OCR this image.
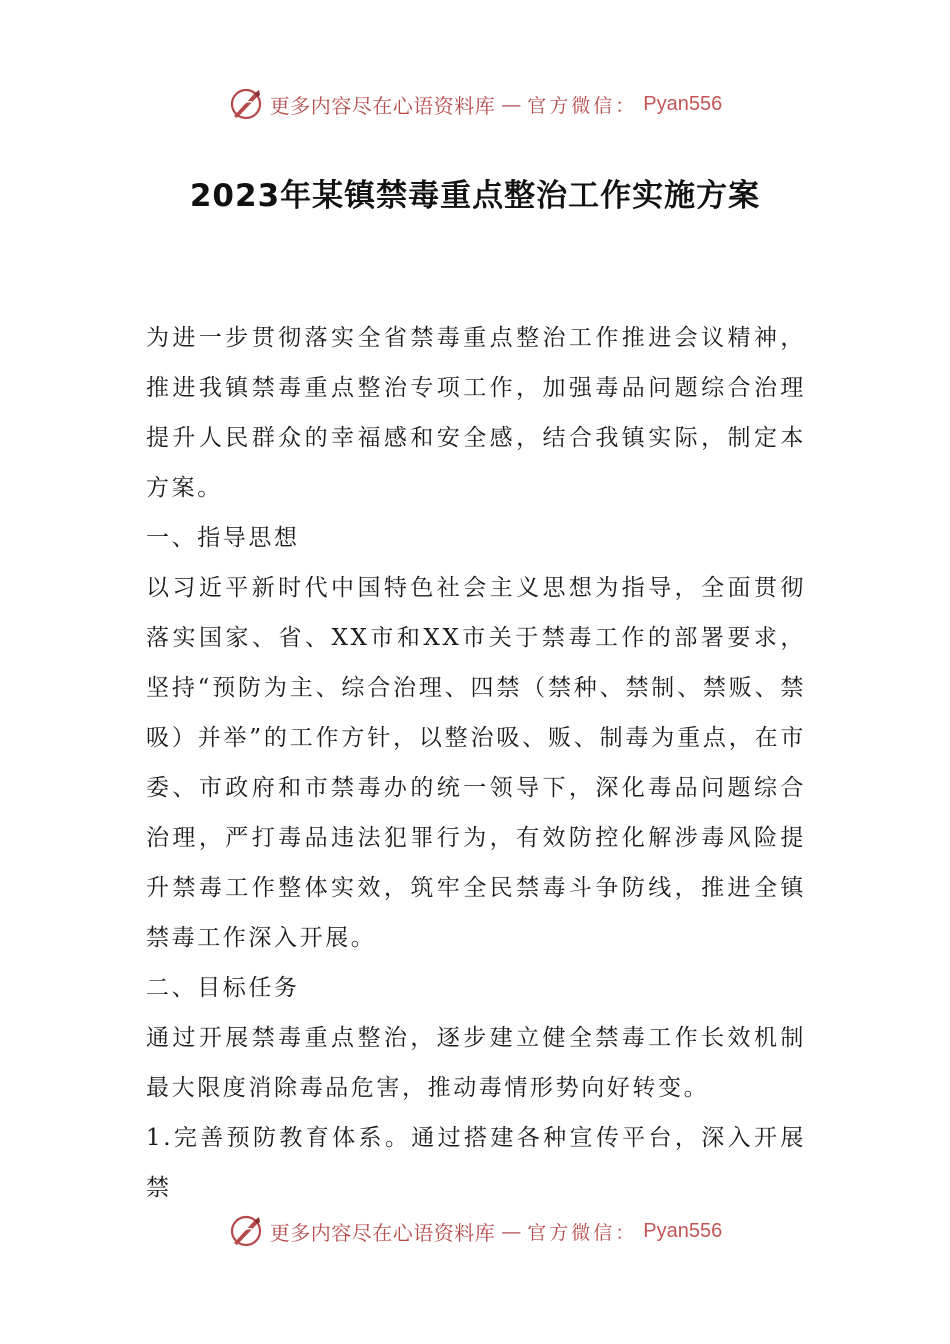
更多内容尽在心语资料库 — 官方微信： Pyan556
2023年某镇禁毒重点整治工作实施方案

为进一步贯彻落实全省禁毒重点整治工作推进会议精神，推进我镇禁毒重点整治专项工作，加强毒品问题综合治理提升人民群众的幸福感和安全感，结合我镇实际，制定本方案。

一、指导思想

以习近平新时代中国特色社会主义思想为指导，全面贯彻落实国家、省、XX市和XX市关于禁毒工作的部署要求，坚持“预防为主、综合治理、四禁（禁种、禁制、禁贩、禁吸）并举”的工作方针，以整治吸、贩、制毒为重点，在市委、市政府和市禁毒办的统一领导下，深化毒品问题综合治理，严打毒品违法犯罪行为，有效防控化解涉毒风险提升禁毒工作整体实效，筑牢全民禁毒斗争防线，推进全镇禁毒工作深入开展。

二、目标任务

通过开展禁毒重点整治，逐步建立健全禁毒工作长效机制最大限度消除毒品危害，推动毒情形势向好转变。

1.完善预防教育体系。通过搭建各种宣传平台，深入开展禁

更多内容尽在心语资料库 — 官方微信： Pyan556
